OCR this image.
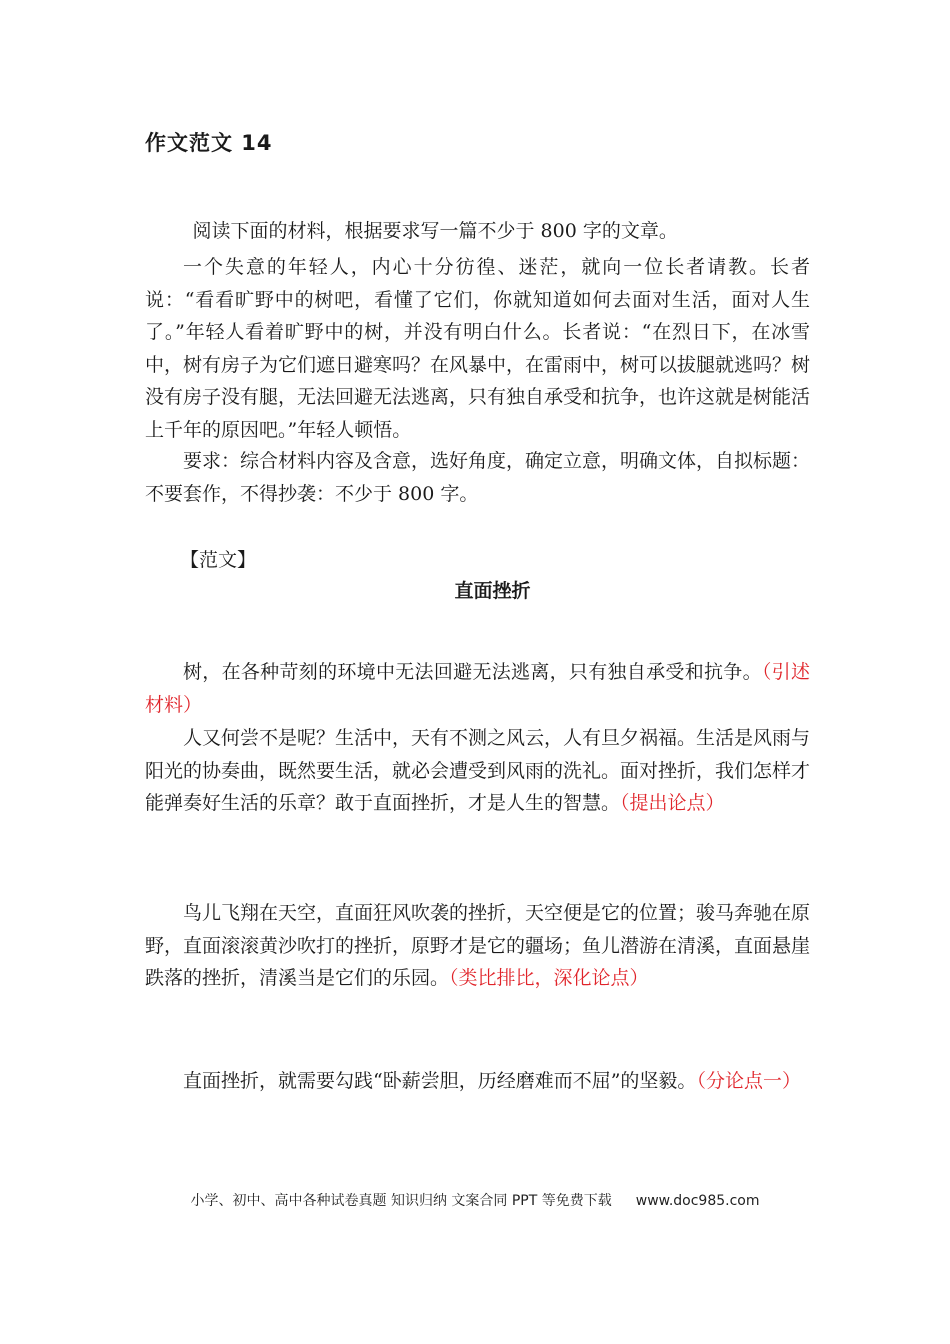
作文范文 14

阅读下面的材料，根据要求写一篇不少于 800 字的文章。

一个失意的年轻人，内心十分彷徨、迷茫，就向一位长者请教。长者说：“看看旷野中的树吧，看懂了它们，你就知道如何去面对生活，面对人生了。”年轻人看着旷野中的树，并没有明白什么。长者说：“在烈日下，在冰雪中，树有房子为它们遮日避寒吗？在风暴中，在雷雨中，树可以拔腿就逃吗？树没有房子没有腿，无法回避无法逃离，只有独自承受和抗争，也许这就是树能活上千年的原因吧。”年轻人顿悟。

要求：综合材料内容及含意，选好角度，确定立意，明确文体，自拟标题：不要套作，不得抄袭：不少于 800 字。

【范文】
直面挫折

树，在各种苛刻的环境中无法回避无法逃离，只有独自承受和抗争。（引述材料）

人又何尝不是呢？生活中，天有不测之风云，人有旦夕祸福。生活是风雨与阳光的协奏曲，既然要生活，就必会遭受到风雨的洗礼。面对挫折，我们怎样才能弹奏好生活的乐章？敢于直面挫折，才是人生的智慧。（提出论点）

鸟儿飞翔在天空，直面狂风吹袭的挫折，天空便是它的位置；骏马奔驰在原野，直面滚滚黄沙吹打的挫折，原野才是它的疆场；鱼儿潜游在清溪，直面悬崖跌落的挫折，清溪当是它们的乐园。（类比排比，深化论点）

直面挫折，就需要勾践“卧薪尝胆，历经磨难而不屈”的坚毅。（分论点一）

小学、初中、高中各种试卷真题 知识归纳 文案合同 PPT 等免费下载 www.doc985.com
